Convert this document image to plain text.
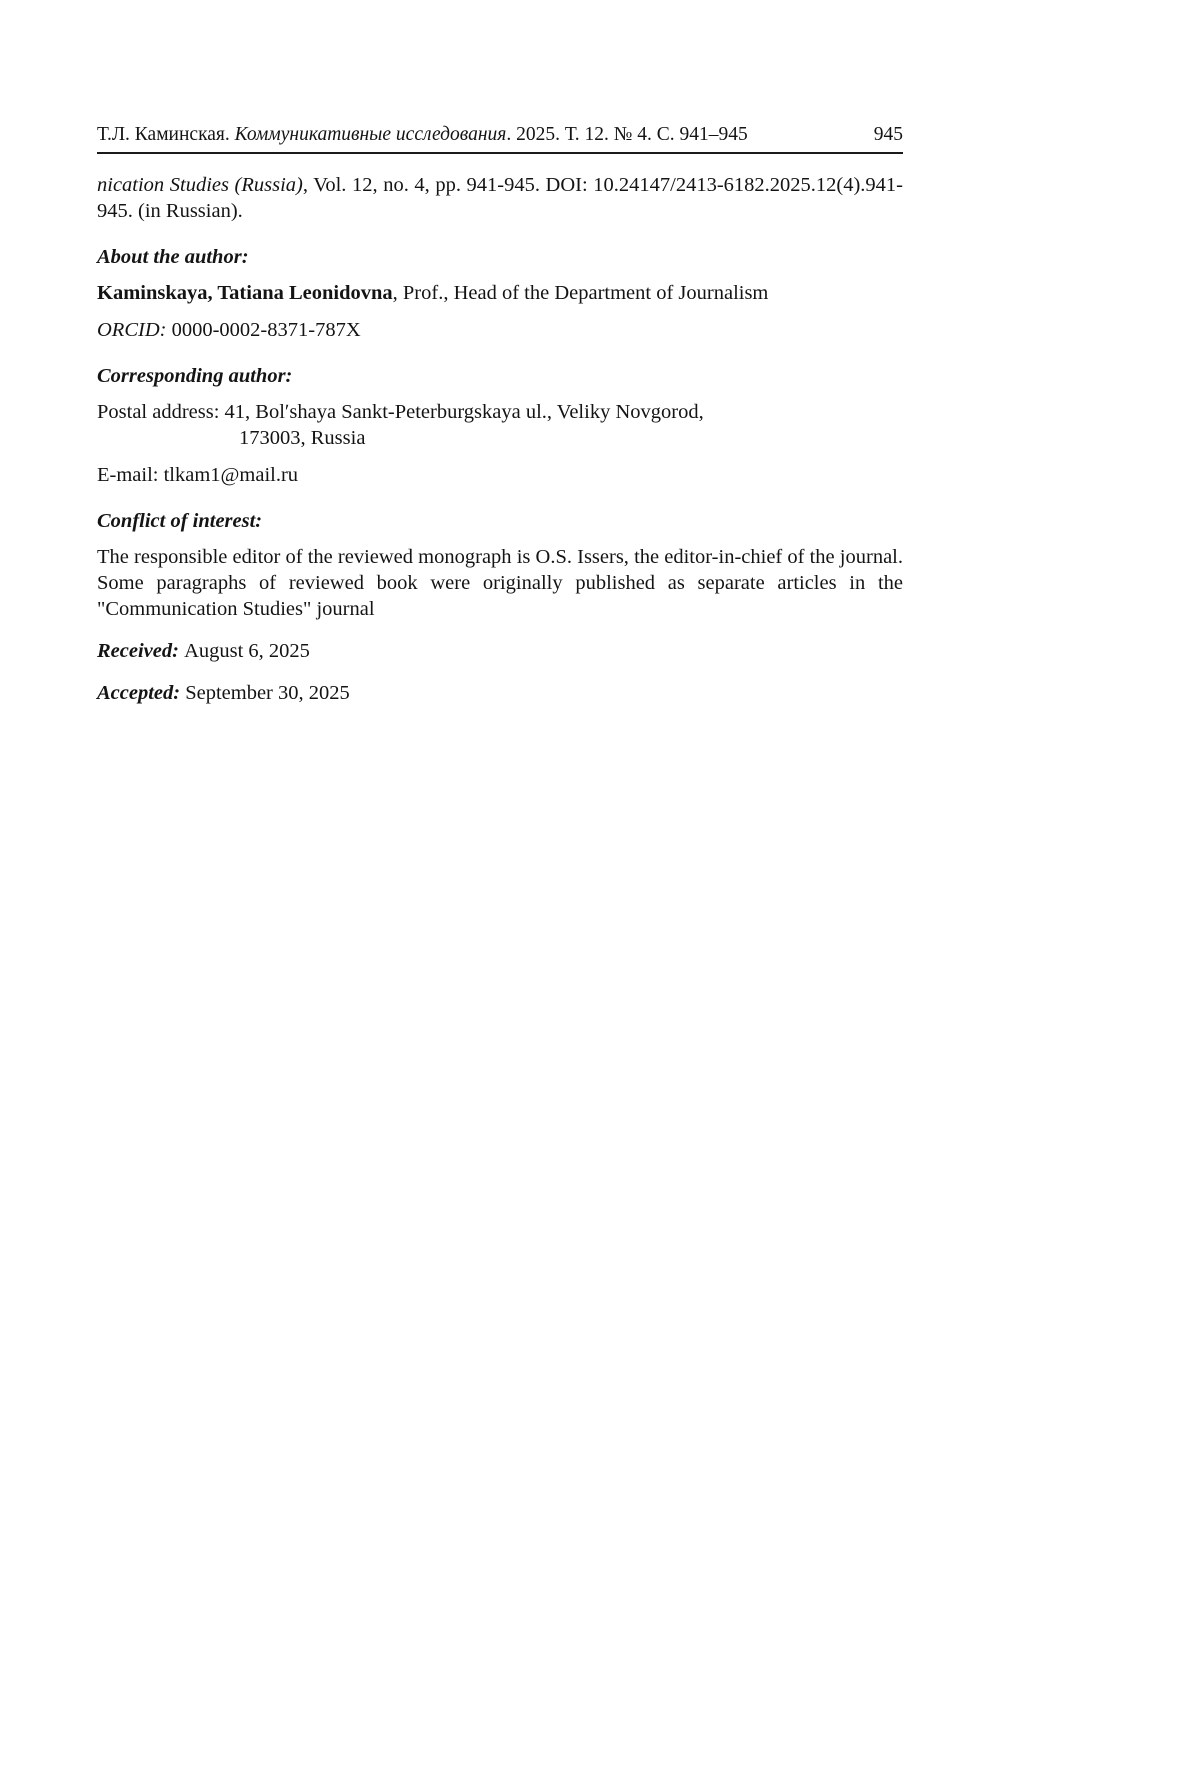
Т.Л. Каминская. Коммуникативные исследования. 2025. Т. 12. № 4. С. 941–945	945

nication Studies (Russia), Vol. 12, no. 4, pp. 941-945. DOI: 10.24147/2413-6182.2025.12(4).941-945. (in Russian).

About the author:

Kaminskaya, Tatiana Leonidovna, Prof., Head of the Department of Journalism

ORCID: 0000-0002-8371-787X

Corresponding author:

Postal address: 41, Bolʹshaya Sankt-Peterburgskaya ul., Veliky Novgorod,
173003, Russia

E-mail: tlkam1@mail.ru

Conflict of interest:

The responsible editor of the reviewed monograph is O.S. Issers, the editor-in-chief of the journal. Some paragraphs of reviewed book were originally published as separate articles in the "Communication Studies" journal

Received: August 6, 2025

Accepted: September 30, 2025
